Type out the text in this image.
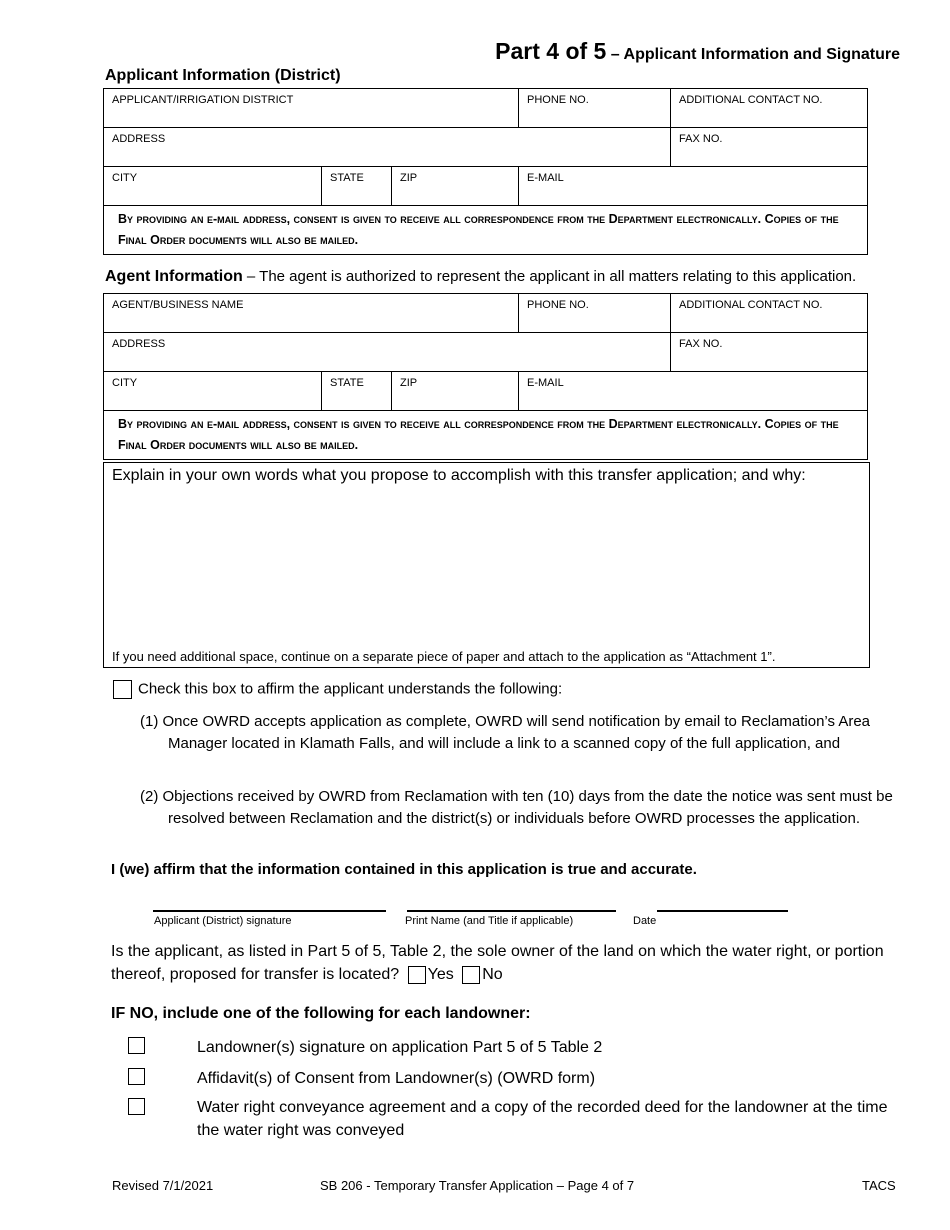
Part 4 of 5 – Applicant Information and Signature
Applicant Information (District)
APPLICANT/IRRIGATION DISTRICT			PHONE NO.	ADDITIONAL CONTACT NO.
ADDRESS				FAX NO.
CITY	STATE	ZIP	E-MAIL	
By providing an e-mail address, consent is given to receive all correspondence from the Department electronically. Copies of the Final Order documents will also be mailed.				
Agent Information – The agent is authorized to represent the applicant in all matters relating to this application.
AGENT/BUSINESS NAME			PHONE NO.	ADDITIONAL CONTACT NO.
ADDRESS				FAX NO.
CITY	STATE	ZIP	E-MAIL	
By providing an e-mail address, consent is given to receive all correspondence from the Department electronically. Copies of the Final Order documents will also be mailed.				
Explain in your own words what you propose to accomplish with this transfer application; and why:
If you need additional space, continue on a separate piece of paper and attach to the application as “Attachment 1”.
Check this box to affirm the applicant understands the following:
(1) Once OWRD accepts application as complete, OWRD will send notification by email to Reclamation’s Area Manager located in Klamath Falls, and will include a link to a scanned copy of the full application, and
(2) Objections received by OWRD from Reclamation with ten (10) days from the date the notice was sent must be resolved between Reclamation and the district(s) or individuals before OWRD processes the application.
I (we) affirm that the information contained in this application is true and accurate.
Applicant (District) signature	Print Name (and Title if applicable)	Date
Is the applicant, as listed in Part 5 of 5, Table 2, the sole owner of the land on which the water right, or portion thereof, proposed for transfer is located? Yes No
IF NO, include one of the following for each landowner:
Landowner(s) signature on application Part 5 of 5 Table 2
Affidavit(s) of Consent from Landowner(s) (OWRD form)
Water right conveyance agreement and a copy of the recorded deed for the landowner at the time the water right was conveyed
Revised 7/1/2021	SB 206 - Temporary Transfer Application – Page 4 of 7	TACS
